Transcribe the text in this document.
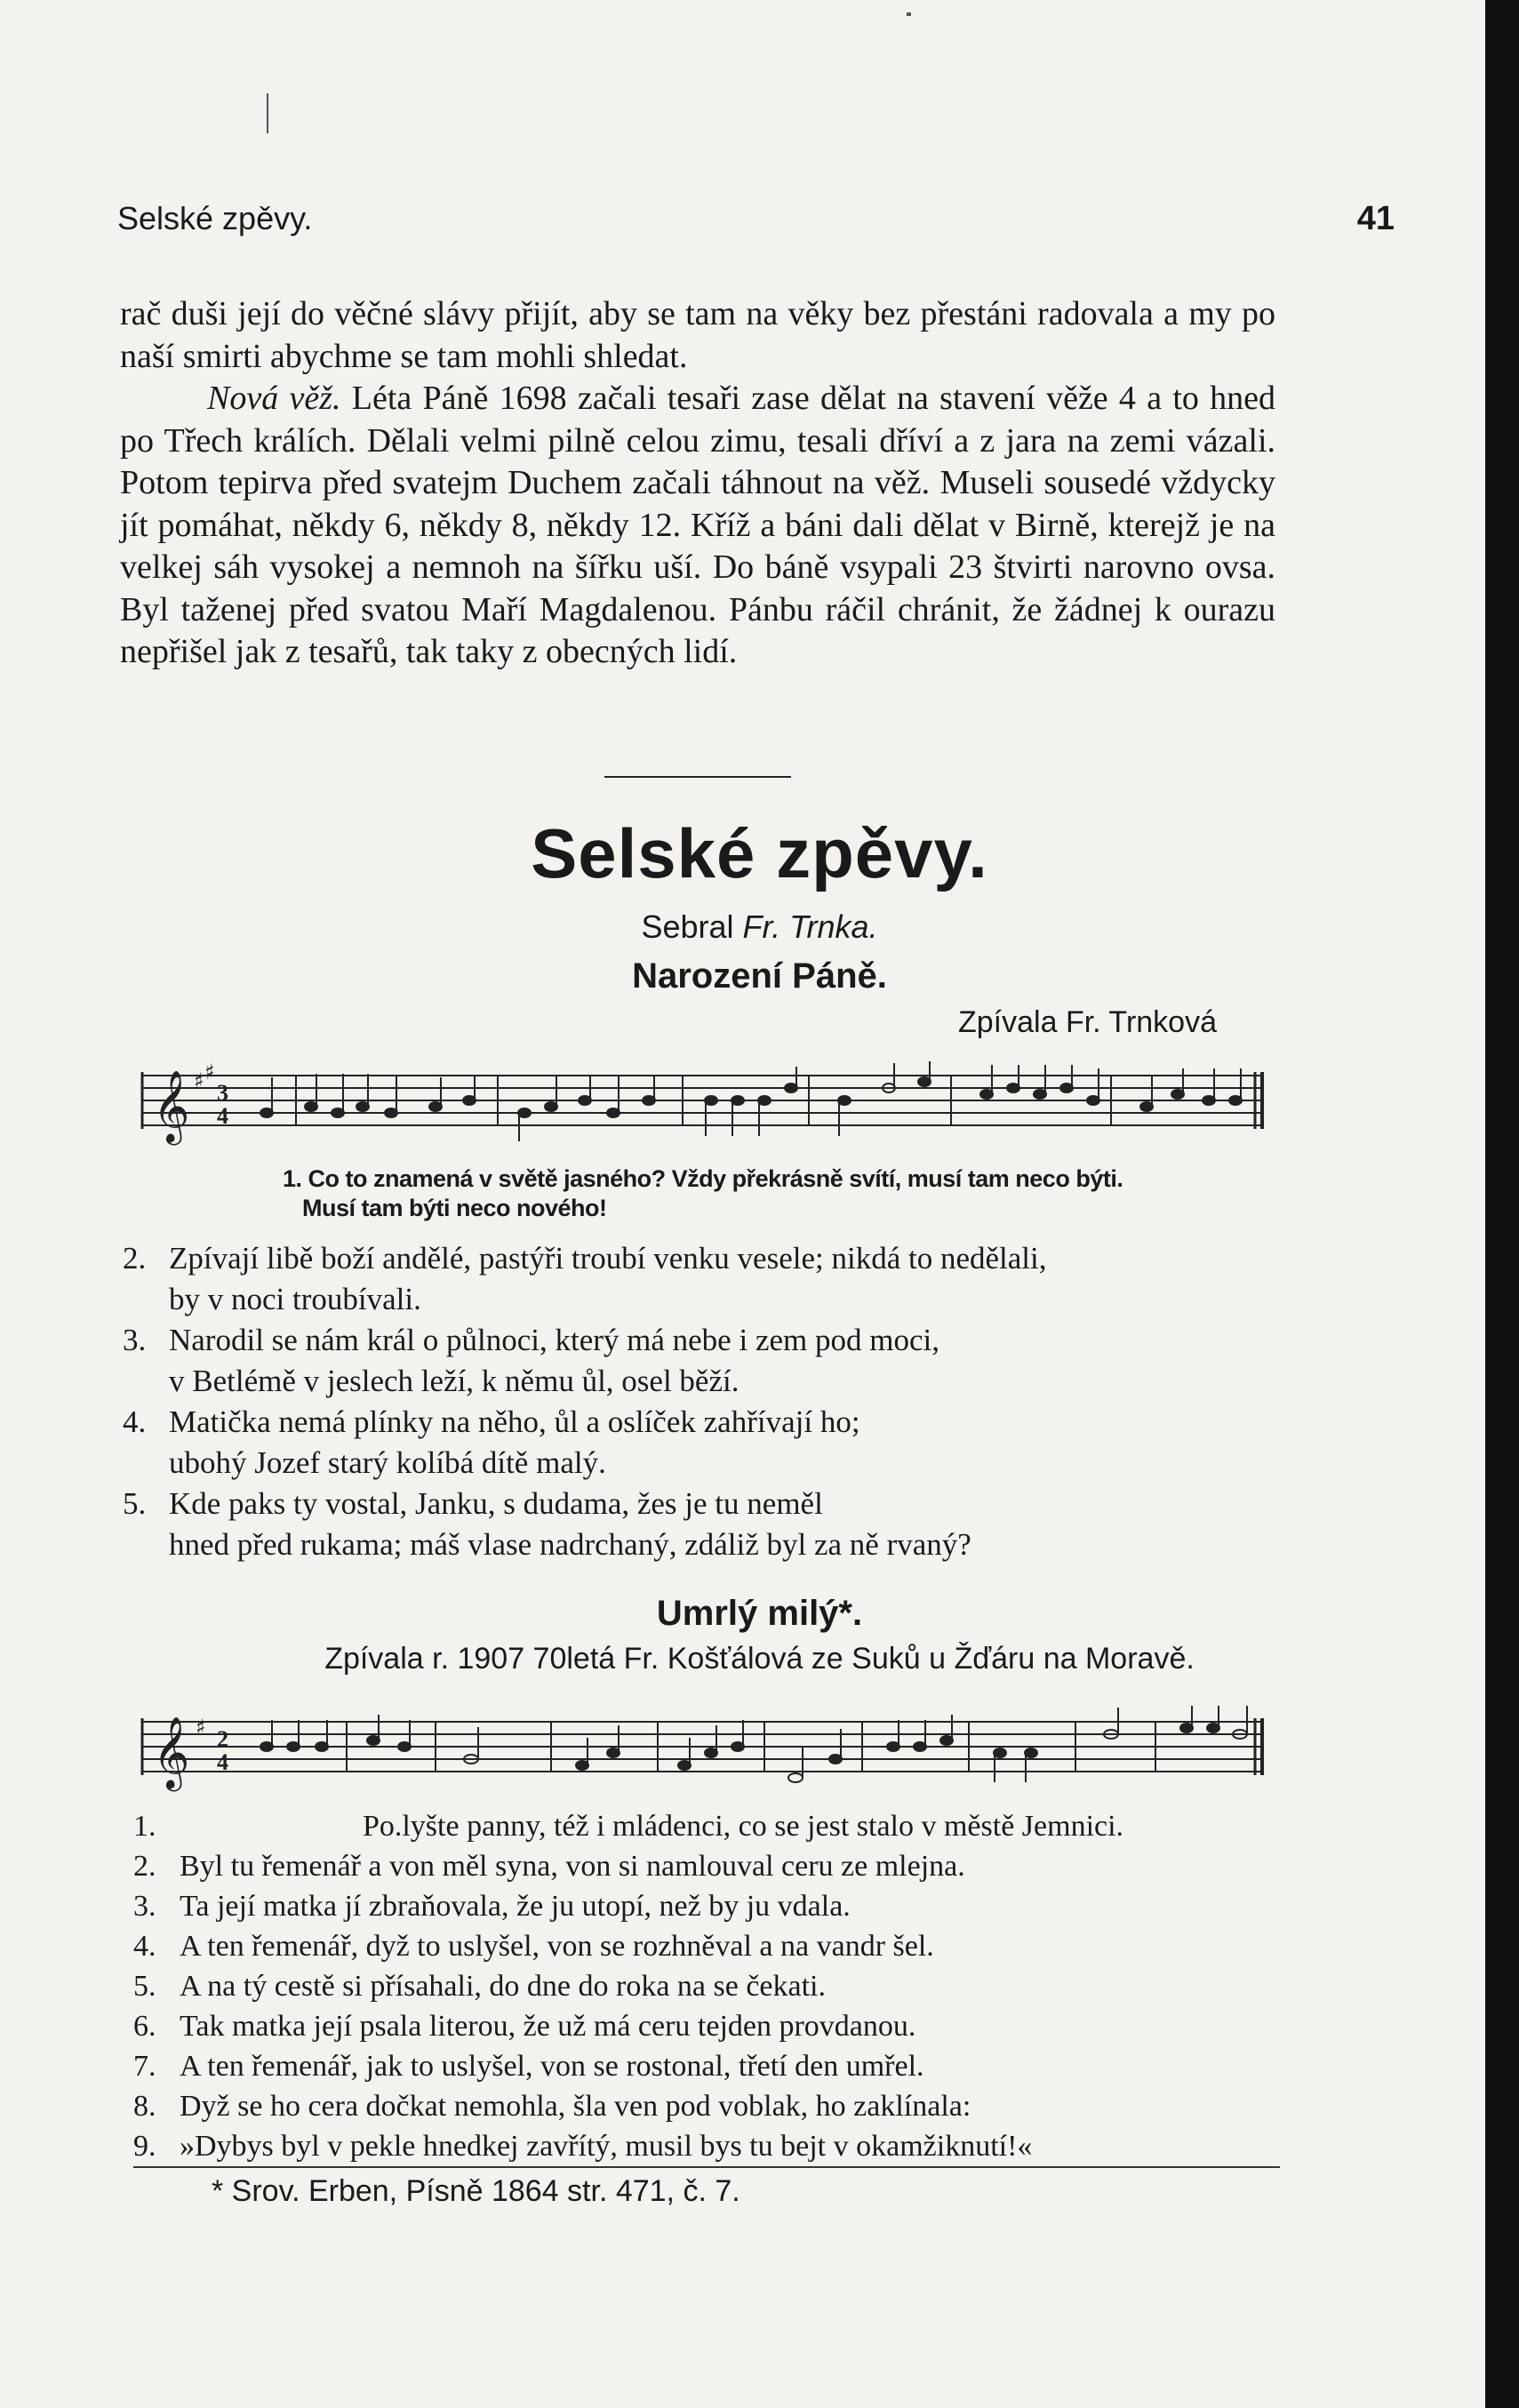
Selské zpěvy.	41

rač duši její do věčné slávy přijít, aby se tam na věky bez přestáni radovala a my po naší smirti abychme se tam mohli shledat.

Nová věž. Léta Páně 1698 začali tesaři zase dělat na stavení věže 4 a to hned po Třech králích. Dělali velmi pilně celou zimu, tesali dříví a z jara na zemi vázali. Potom tepirva před svatejm Duchem začali táhnout na věž. Museli sousedé vždycky jít pomáhat, někdy 6, někdy 8, někdy 12. Kříž a báni dali dělat v Birně, kterejž je na velkej sáh vysokej a nemnoh na šířku uší. Do báně vsypali 23 štvirti narovno ovsa. Byl taženej před svatou Maří Magdalenou. Pánbu ráčil chránit, že žádnej k ourazu nepřišel jak z tesařů, tak taky z obecných lidí.

Selské zpěvy.
Sebral Fr. Trnka.
Narození Páně.
Zpívala Fr. Trnková
𝄞 ♯ ♯
3
4
1. Co to znamená v světě jasného? Vždy překrásně svítí, musí tam neco býti.
Musí tam býti neco nového!
2. Zpívají libě boží andělé, pastýři troubí venku vesele; nikdá to nedělali,
by v noci troubívali.
3. Narodil se nám král o půlnoci, který má nebe i zem pod moci,
v Betlémě v jeslech leží, k němu ůl, osel běží.
4. Matička nemá plínky na něho, ůl a oslíček zahřívají ho;
ubohý Jozef starý kolíbá dítě malý.
5. Kde paks ty vostal, Janku, s dudama, žes je tu neměl
hned před rukama; máš vlase nadrchaný, zdáliž byl za ně rvaný?
Umrlý milý*.
Zpívala r. 1907 70letá Fr. Košťálová ze Suků u Žďáru na Moravě.
𝄞 ♯ 2
4
1.	Po.lyšte panny, též i mládenci, co se jest stalo v městě Jemnici.
2. Byl tu řemenář a von měl syna, von si namlouval ceru ze mlejna.
3. Ta její matka jí zbraňovala, že ju utopí, než by ju vdala.
4. A ten řemenář, dyž to uslyšel, von se rozhněval a na vandr šel.
5. A na tý cestě si přísahali, do dne do roka na se čekati.
6. Tak matka její psala literou, že už má ceru tejden provdanou.
7. A ten řemenář, jak to uslyšel, von se rostonal, třetí den umřel.
8. Dyž se ho cera dočkat nemohla, šla ven pod voblak, ho zaklínala:
9. »Dybys byl v pekle hnedkej zavřítý, musil bys tu bejt v okamžiknutí!«
* Srov. Erben, Písně 1864 str. 471, č. 7.
